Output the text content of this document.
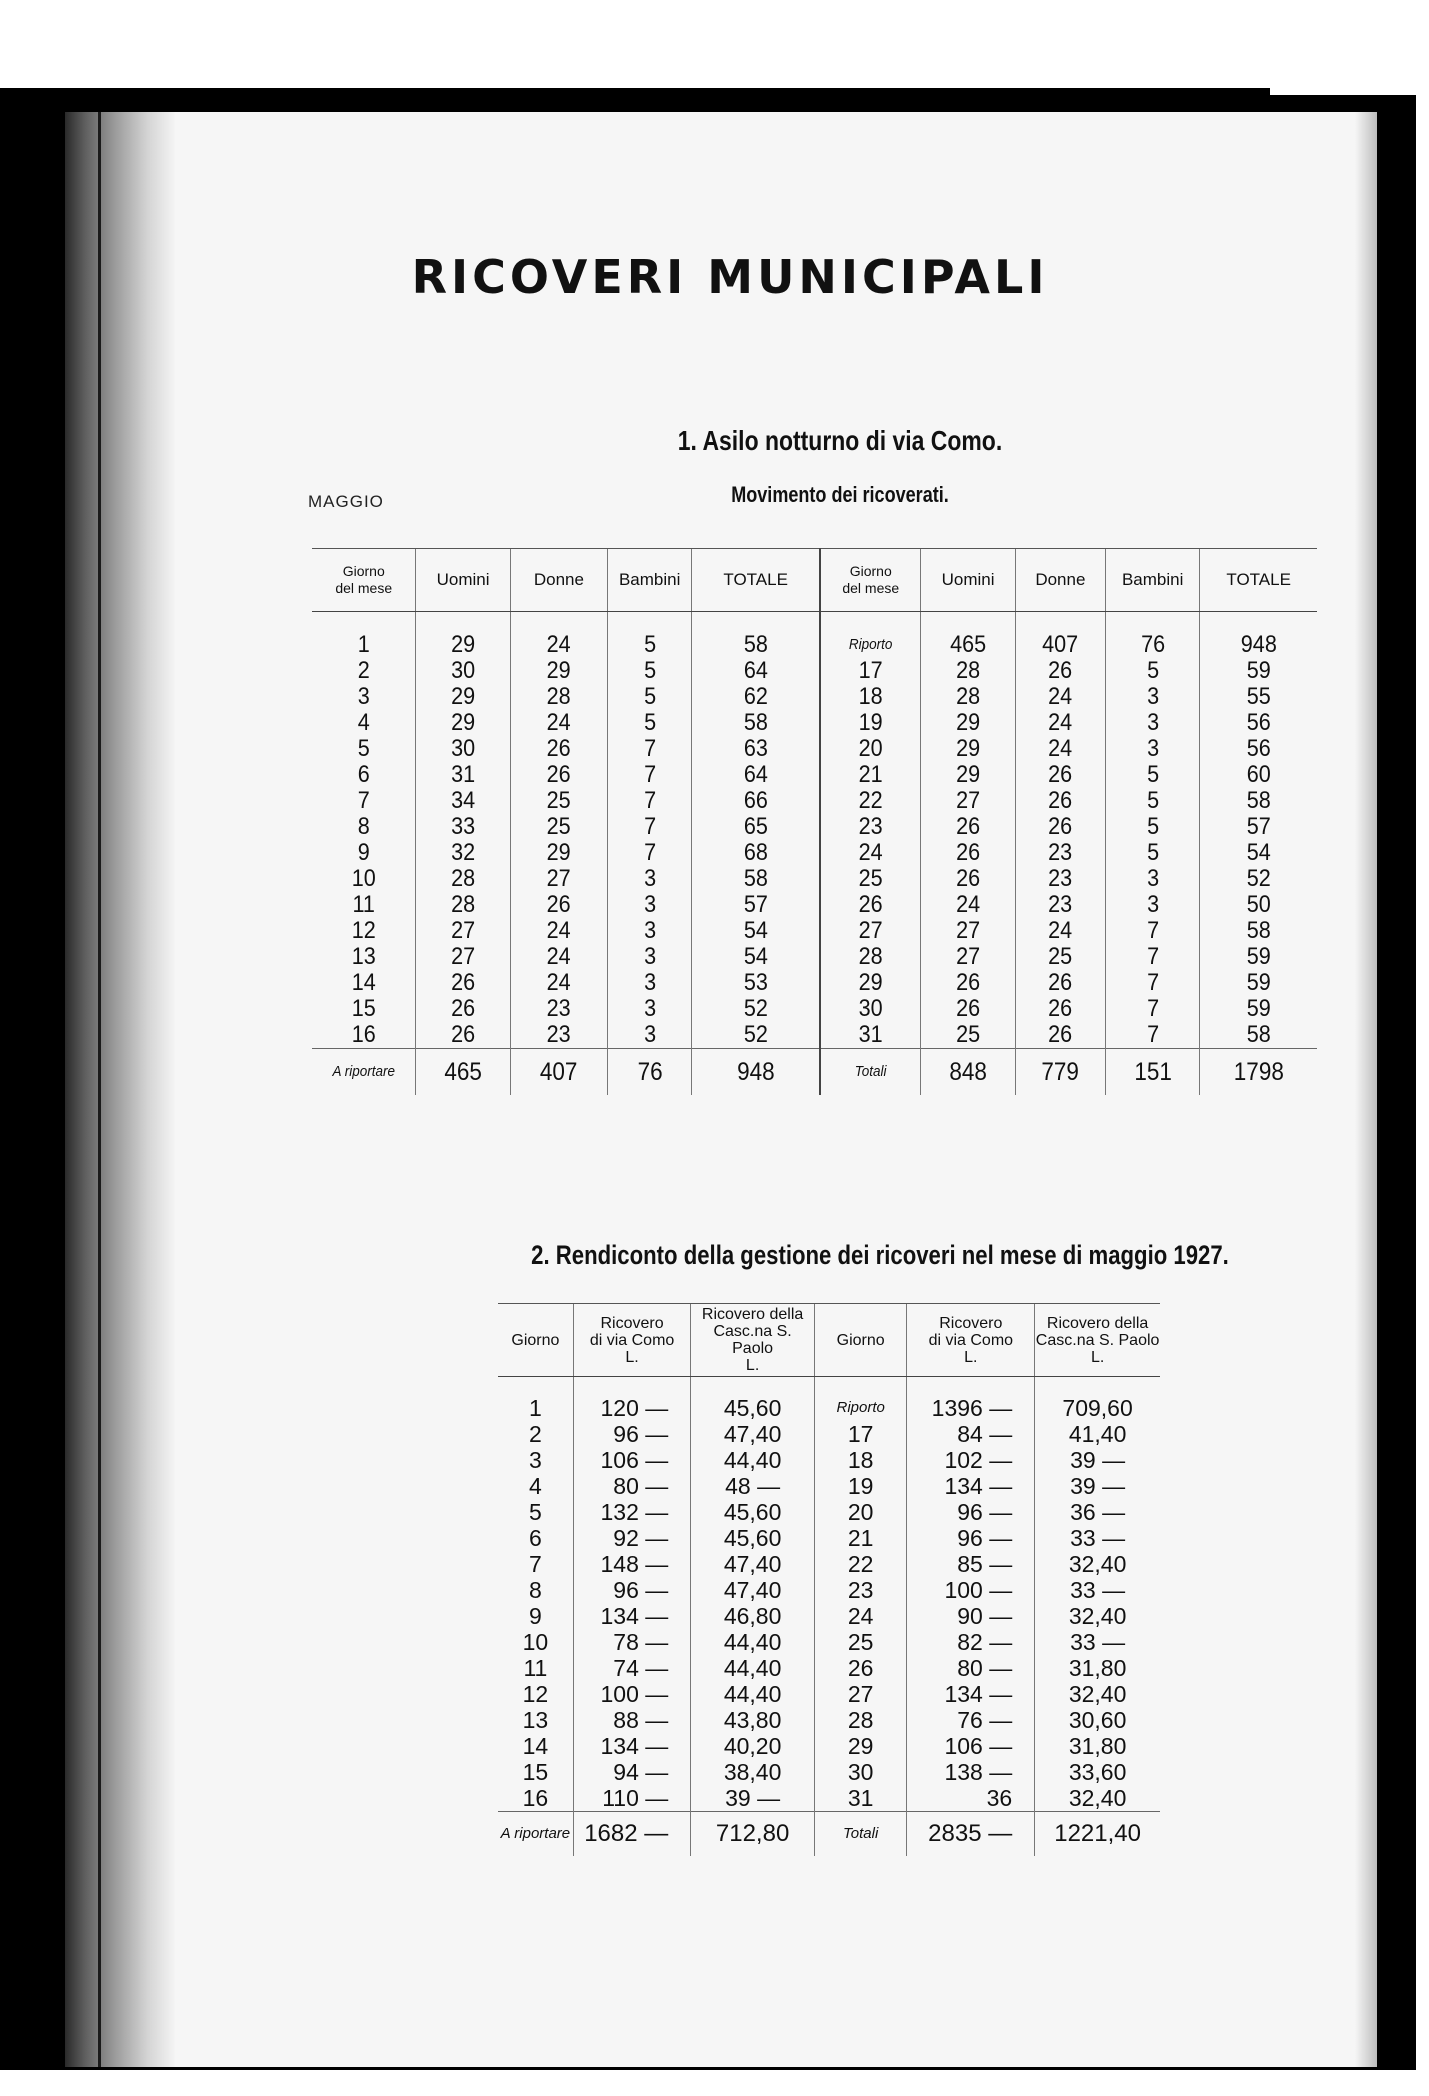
RICOVERI MUNICIPALI
1. Asilo notturno di via Como.
MAGGIO	Movimento dei ricoverati.
Giorno
del mese	Uomini	Donne	Bambini	TOTALE	Giorno
del mese	Uomini	Donne	Bambini	TOTALE

1	29	24	5	58	Riporto	465	407	76	948
2	30	29	5	64	17	28	26	5	59
3	29	28	5	62	18	28	24	3	55
4	29	24	5	58	19	29	24	3	56
5	30	26	7	63	20	29	24	3	56
6	31	26	7	64	21	29	26	5	60
7	34	25	7	66	22	27	26	5	58
8	33	25	7	65	23	26	26	5	57
9	32	29	7	68	24	26	23	5	54
10	28	27	3	58	25	26	23	3	52
11	28	26	3	57	26	24	23	3	50
12	27	24	3	54	27	27	24	7	58
13	27	24	3	54	28	27	25	7	59
14	26	24	3	53	29	26	26	7	59
15	26	23	3	52	30	26	26	7	59
16	26	23	3	52	31	25	26	7	58
A riportare	465	407	76	948	Totali	848	779	151	1798
2. Rendiconto della gestione dei ricoveri nel mese di maggio 1927.
Giorno	Ricovero
di via Como
L.	Ricovero della
Casc.na S. Paolo
L.	Giorno	Ricovero
di via Como
L.	Ricovero della
Casc.na S. Paolo
L.

1	120 —	45,60	Riporto	1396 —	709,60
2	96 —	47,40	17	84 —	41,40
3	106 —	44,40	18	102 —	39 —
4	80 —	48 —	19	134 —	39 —
5	132 —	45,60	20	96 —	36 —
6	92 —	45,60	21	96 —	33 —
7	148 —	47,40	22	85 —	32,40
8	96 —	47,40	23	100 —	33 —
9	134 —	46,80	24	90 —	32,40
10	78 —	44,40	25	82 —	33 —
11	74 —	44,40	26	80 —	31,80
12	100 —	44,40	27	134 —	32,40
13	88 —	43,80	28	76 —	30,60
14	134 —	40,20	29	106 —	31,80
15	94 —	38,40	30	138 —	33,60
16	110 —	39 —	31	36	32,40
A riportare	1682 —	712,80	Totali	2835 —	1221,40
